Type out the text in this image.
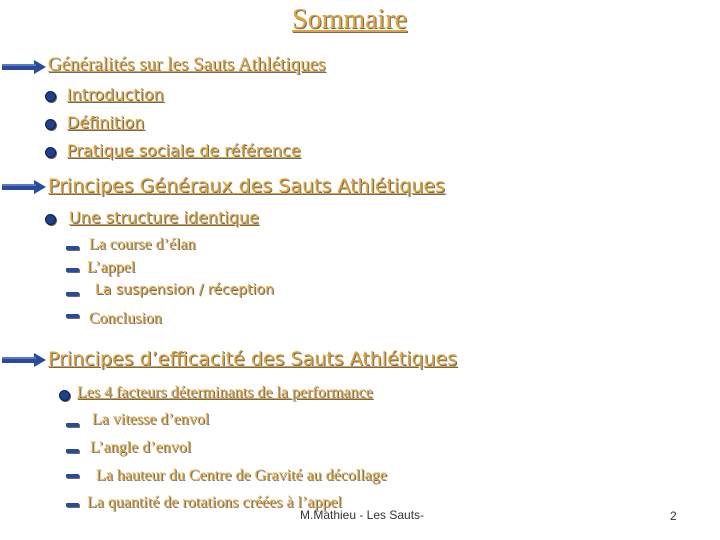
Sommaire
Généralités sur les Sauts Athlétiques
Introduction
Définition
Pratique sociale de référence
Principes Généraux des Sauts Athlétiques
Une structure identique
La course d’élan
L’appel
La suspension / réception
Conclusion
Principes d’efficacité des Sauts Athlétiques
Les 4 facteurs déterminants de la performance
La vitesse d’envol
L’angle d’envol
La hauteur du Centre de Gravité au décollage
La quantité de rotations créées à l’appel
M.Mathieu - Les Sauts-	2
